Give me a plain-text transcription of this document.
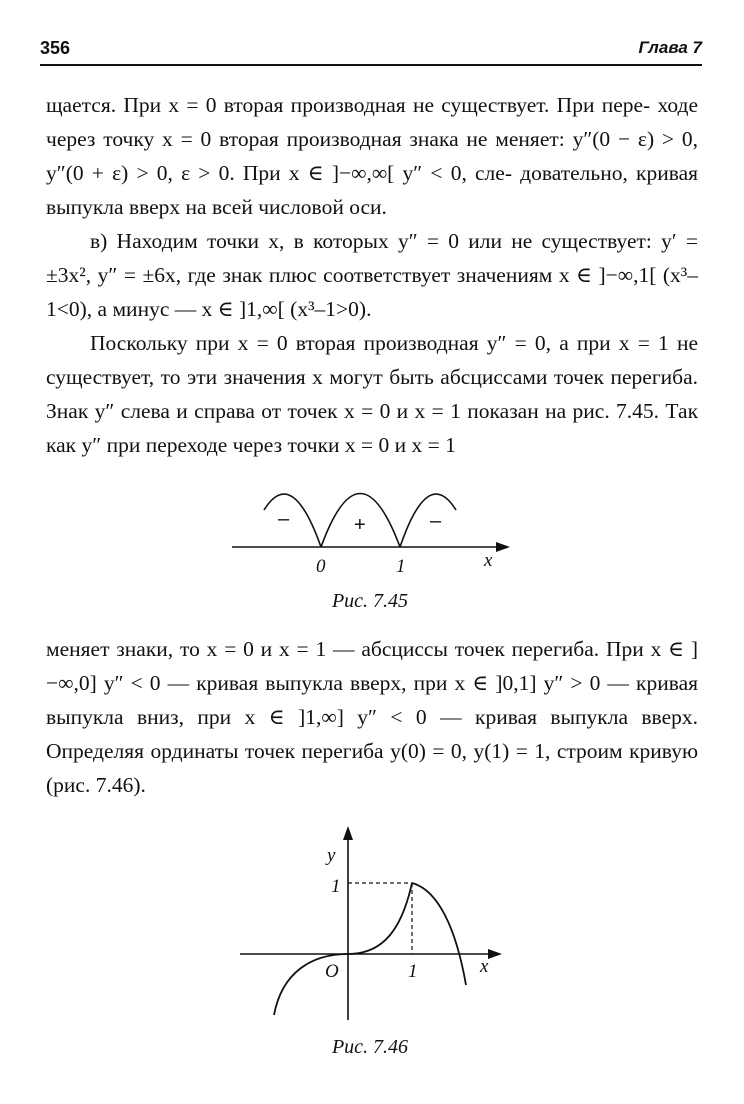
356	Глава 7

щается. При x = 0 вторая производная не существует. При пере- ходе через точку x = 0 вторая производная знака не меняет: y″(0 − ε) > 0, y″(0 + ε) > 0, ε > 0. При x ∈ ]−∞,∞[ y″ < 0, сле- довательно, кривая выпукла вверх на всей числовой оси.

в) Находим точки x, в которых y″ = 0 или не существует: y′ = ±3x², y″ = ±6x, где знак плюс соответствует значениям x ∈ ]−∞,1[ (x³–1<0), а минус — x ∈ ]1,∞[ (x³–1>0).

Поскольку при x = 0 вторая производная y″ = 0, а при x = 1 не существует, то эти значения x могут быть абсциссами точек перегиба. Знак y″ слева и справа от точек x = 0 и x = 1 показан на рис. 7.45. Так как y″ при переходе через точки x = 0 и x = 1

–	+	–
0	1	x
Рис. 7.45

меняет знаки, то x = 0 и x = 1 — абсциссы точек перегиба. При x ∈ ]−∞,0] y″ < 0 — кривая выпукла вверх, при x ∈ ]0,1] y″ > 0 — кривая выпукла вниз, при x ∈ ]1,∞] y″ < 0 — кривая выпукла вверх. Определяя ординаты точек перегиба y(0) = 0, y(1) = 1, строим кривую (рис. 7.46).

y
1
O	1	x
Рис. 7.46
